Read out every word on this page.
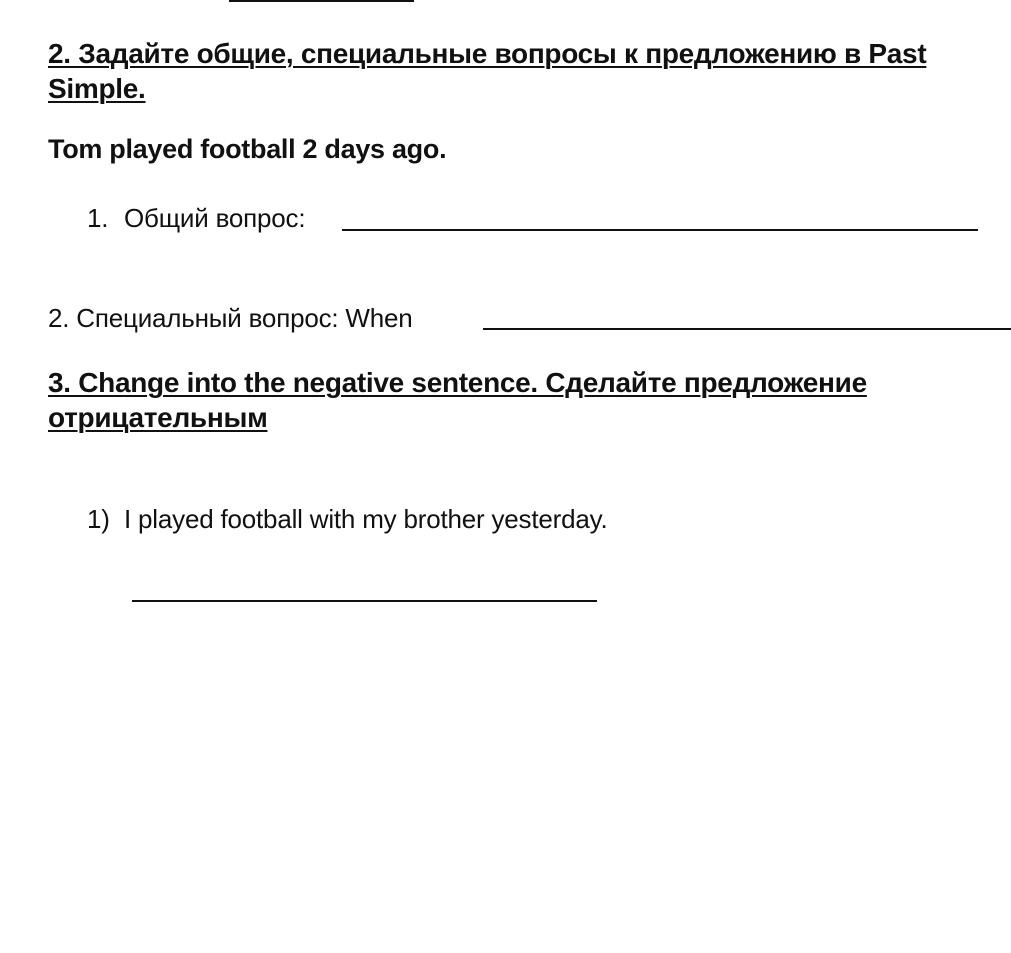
2. Задайте общие, специальные вопросы к предложению в Past
Simple.
Tom played football 2 days ago.
1. Общий вопрос:
2. Специальный вопрос: When
3. Change into the negative sentence. Сделайте предложение
отрицательным
1) I played football with my brother yesterday.
